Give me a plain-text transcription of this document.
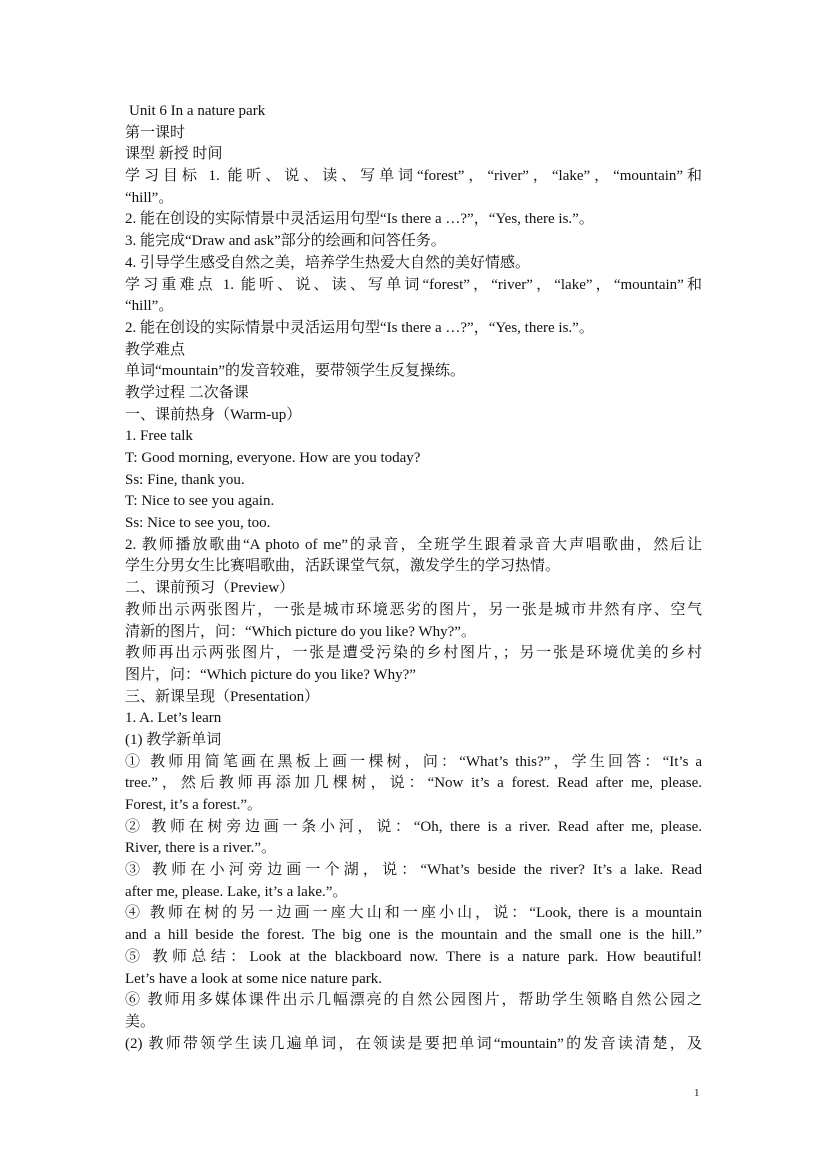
Unit 6 In a nature park
第一课时
课型 新授 时间
学习目标 1. 能听、说、读、写单词“forest”，“river”，“lake”，“mountain”和
“hill”。
2. 能在创设的实际情景中灵活运用句型“Is there a …?”，“Yes, there is.”。
3. 能完成“Draw and ask”部分的绘画和问答任务。
4. 引导学生感受自然之美，培养学生热爱大自然的美好情感。
学习重难点 1. 能听、说、读、写单词“forest”，“river”，“lake”，“mountain”和
“hill”。
2. 能在创设的实际情景中灵活运用句型“Is there a …?”，“Yes, there is.”。
教学难点
单词“mountain”的发音较难，要带领学生反复操练。
教学过程 二次备课
一、课前热身（Warm-up）
1. Free talk
T: Good morning, everyone. How are you today?
Ss: Fine, thank you.
T: Nice to see you again.
Ss: Nice to see you, too.
2. 教师播放歌曲“A photo of me”的录音，全班学生跟着录音大声唱歌曲，然后让
学生分男女生比赛唱歌曲，活跃课堂气氛，激发学生的学习热情。
二、课前预习（Preview）
教师出示两张图片，一张是城市环境恶劣的图片，另一张是城市井然有序、空气
清新的图片，问：“Which picture do you like? Why?”。
教师再出示两张图片，一张是遭受污染的乡村图片，；另一张是环境优美的乡村
图片，问：“Which picture do you like? Why?”
三、新课呈现（Presentation）
1. A. Let’s learn
(1) 教学新单词
① 教师用简笔画在黑板上画一棵树，问：“What’s this?”，学生回答：“It’s a
tree.”，然后教师再添加几棵树，说：“Now it’s a forest. Read after me, please.
Forest, it’s a forest.”。
② 教师在树旁边画一条小河，说：“Oh, there is a river. Read after me, please.
River, there is a river.”。
③ 教师在小河旁边画一个湖，说：“What’s beside the river? It’s a lake. Read
after me, please. Lake, it’s a lake.”。
④ 教师在树的另一边画一座大山和一座小山，说：“Look, there is a mountain
and a hill beside the forest. The big one is the mountain and the small one is the hill.”
⑤ 教师总结：Look at the blackboard now. There is a nature park. How beautiful!
Let’s have a look at some nice nature park.
⑥ 教师用多媒体课件出示几幅漂亮的自然公园图片，帮助学生领略自然公园之
美。
(2) 教师带领学生读几遍单词，在领读是要把单词“mountain”的发音读清楚，及
1
